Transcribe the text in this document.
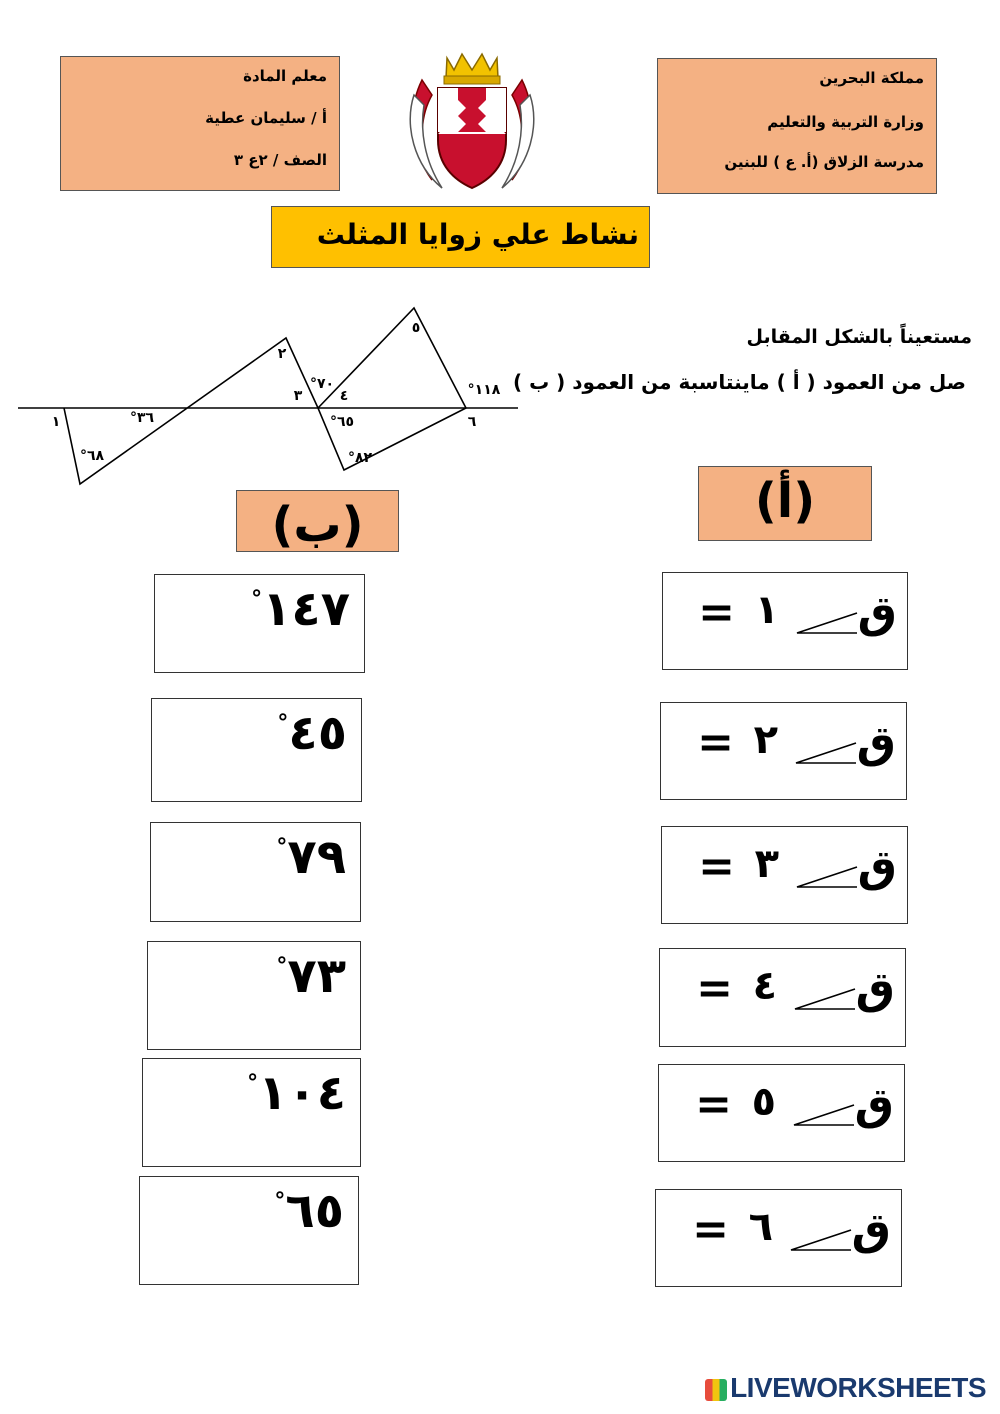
مملكة البحرين
وزارة التربية والتعليم
مدرسة الزلاق (أ. ع ) للبنين
معلم المادة
أ / سليمان عطية
الصف / ٢ع ٣
نشاط علي زوايا المثلث
مستعيناً بالشكل المقابل
صل من العمود ( أ ) ماينتاسبة من العمود ( ب )
١
٦٨°
٣٦°
٢
٣
٧٠°
٤
٦٥°
٨٢°
٥
١١٨°
٦
(ب)	(أ)
ق
١
=
ق
٢
=
ق
٣
=
ق
٤
=
ق
٥
=
ق
٦
=
١٤٧°
٤٥°
٧٩°
٧٣°
١٠٤°
٦٥°
LIVEWORKSHEETS
